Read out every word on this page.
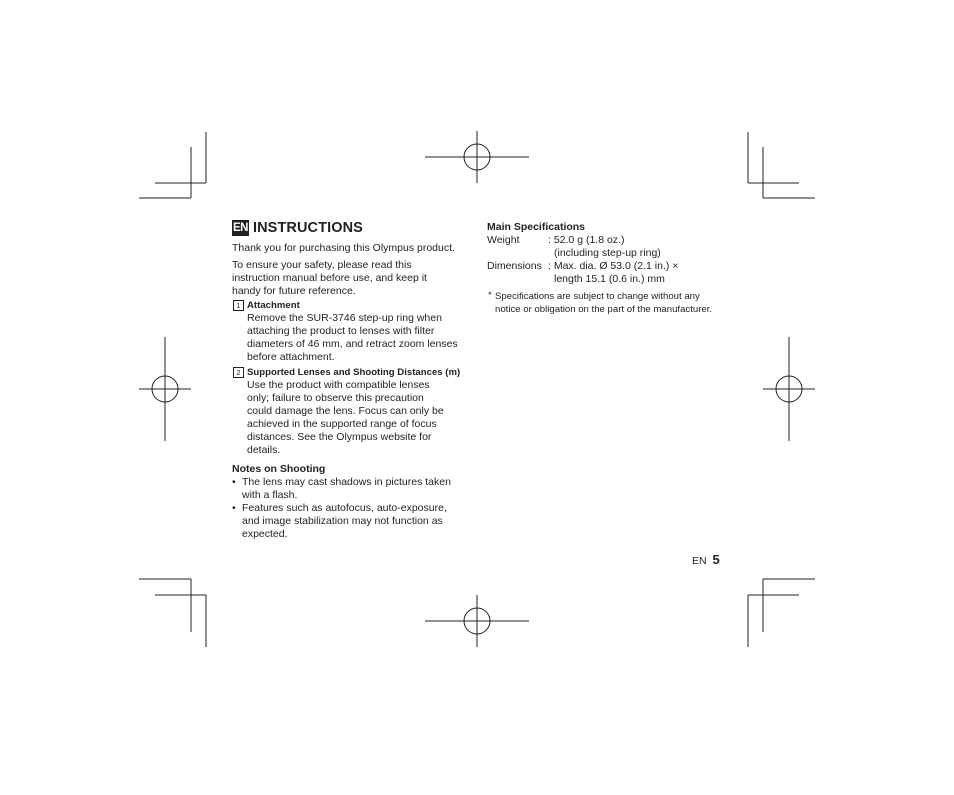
EN INSTRUCTIONS

Thank you for purchasing this Olympus product.

To ensure your safety, please read this
instruction manual before use, and keep it
handy for future reference.
1 Attachment
Remove the SUR-3746 step-up ring when
attaching the product to lenses with filter
diameters of 46 mm, and retract zoom lenses
before attachment.
2 Supported Lenses and Shooting Distances (m)
Use the product with compatible lenses
only; failure to observe this precaution
could damage the lens. Focus can only be
achieved in the supported range of focus
distances. See the Olympus website for
details.
Notes on Shooting
• The lens may cast shadows in pictures taken
with a flash.
• Features such as autofocus, auto-exposure,
and image stabilization may not function as
expected.
Main Specifications
Weight	: 52.0 g (1.8 oz.)
(including step-up ring)
Dimensions : Max. dia. Ø 53.0 (2.1 in.) ×
length 15.1 (0.6 in.) mm
* Specifications are subject to change without any
notice or obligation on the part of the manufacturer.
EN 5
